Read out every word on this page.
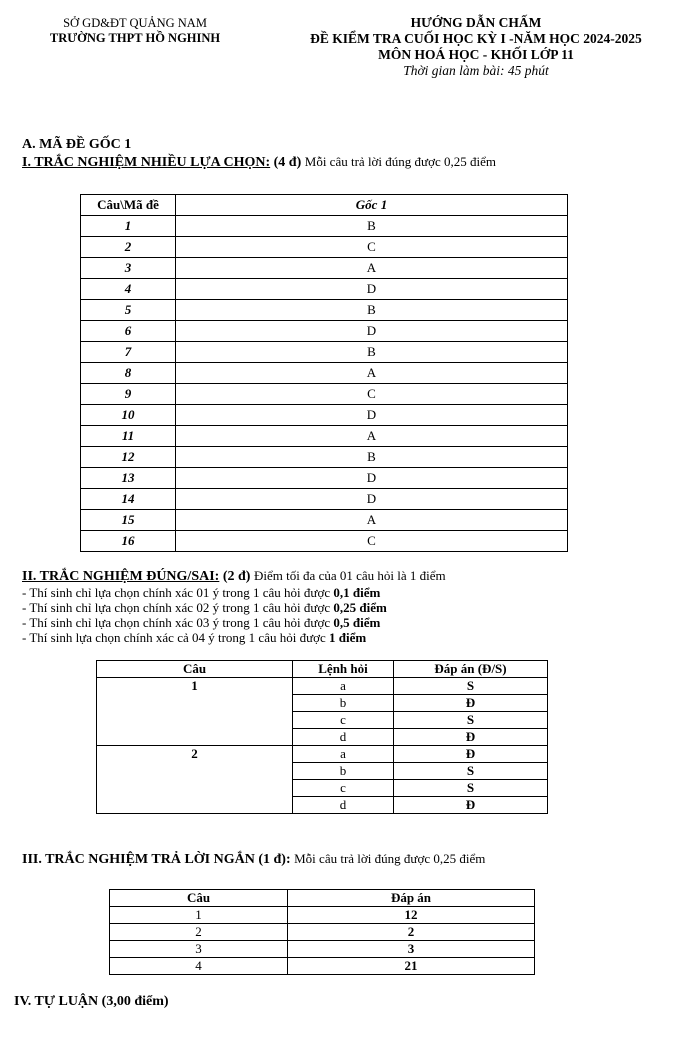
SỞ GD&ĐT QUẢNG NAM
TRƯỜNG THPT HỒ NGHINH
HƯỚNG DẪN CHẤM
ĐỀ KIỂM TRA CUỐI HỌC KỲ I -NĂM HỌC 2024-2025
MÔN HOÁ HỌC - KHỐI LỚP 11
Thời gian làm bài: 45 phút
A. MÃ ĐỀ GỐC 1
I. TRẮC NGHIỆM NHIỀU LỰA CHỌN: (4 đ) Mỗi câu trả lời đúng được 0,25 điểm
Câu\Mã đề	Gốc 1
1	B
2	C
3	A
4	D
5	B
6	D
7	B
8	A
9	C
10	D
11	A
12	B
13	D
14	D
15	A
16	C
II. TRẮC NGHIỆM ĐÚNG/SAI: (2 đ) Điểm tối đa của 01 câu hỏi là 1 điểm
- Thí sinh chỉ lựa chọn chính xác 01 ý trong 1 câu hỏi được 0,1 điểm
- Thí sinh chỉ lựa chọn chính xác 02 ý trong 1 câu hỏi được 0,25 điểm
- Thí sinh chỉ lựa chọn chính xác 03 ý trong 1 câu hỏi được 0,5 điểm
- Thí sinh lựa chọn chính xác cả 04 ý trong 1 câu hỏi được 1 điểm
Câu	Lệnh hỏi	Đáp án (Đ/S)
1	a	S
	b	Đ
	c	S
	d	Đ
2	a	Đ
	b	S
	c	S
	d	Đ
III. TRẮC NGHIỆM TRẢ LỜI NGẮN (1 đ): Mỗi câu trả lời đúng được 0,25 điểm
Câu	Đáp án
1	12
2	2
3	3
4	21
IV. TỰ LUẬN (3,00 điểm)
